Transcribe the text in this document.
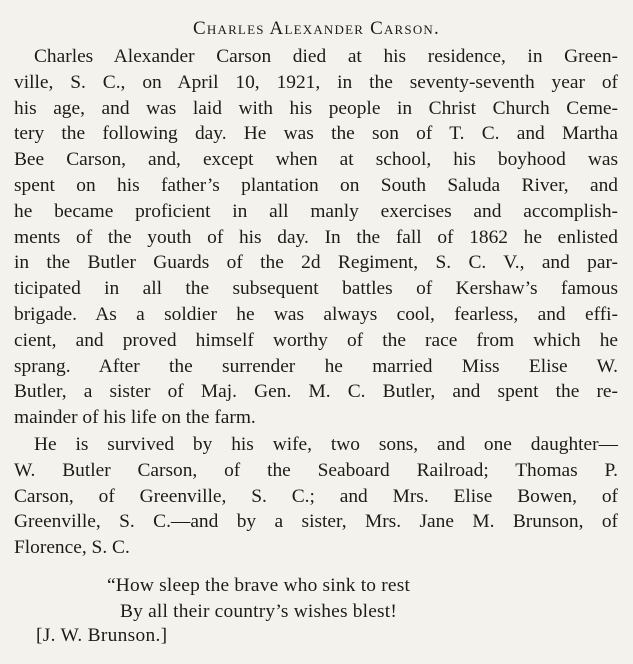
Charles Alexander Carson.
Charles Alexander Carson died at his residence, in Green-
ville, S. C., on April 10, 1921, in the seventy-seventh year of
his age, and was laid with his people in Christ Church Ceme-
tery the following day. He was the son of T. C. and Martha
Bee Carson, and, except when at school, his boyhood was
spent on his father’s plantation on South Saluda River, and
he became proficient in all manly exercises and accomplish-
ments of the youth of his day. In the fall of 1862 he enlisted
in the Butler Guards of the 2d Regiment, S. C. V., and par-
ticipated in all the subsequent battles of Kershaw’s famous
brigade. As a soldier he was always cool, fearless, and effi-
cient, and proved himself worthy of the race from which he
sprang. After the surrender he married Miss Elise W.
Butler, a sister of Maj. Gen. M. C. Butler, and spent the re-
mainder of his life on the farm.
He is survived by his wife, two sons, and one daughter—
W. Butler Carson, of the Seaboard Railroad; Thomas P.
Carson, of Greenville, S. C.; and Mrs. Elise Bowen, of
Greenville, S. C.—and by a sister, Mrs. Jane M. Brunson, of
Florence, S. C.
“How sleep the brave who sink to rest
By all their country’s wishes blest!
[J. W. Brunson.]
